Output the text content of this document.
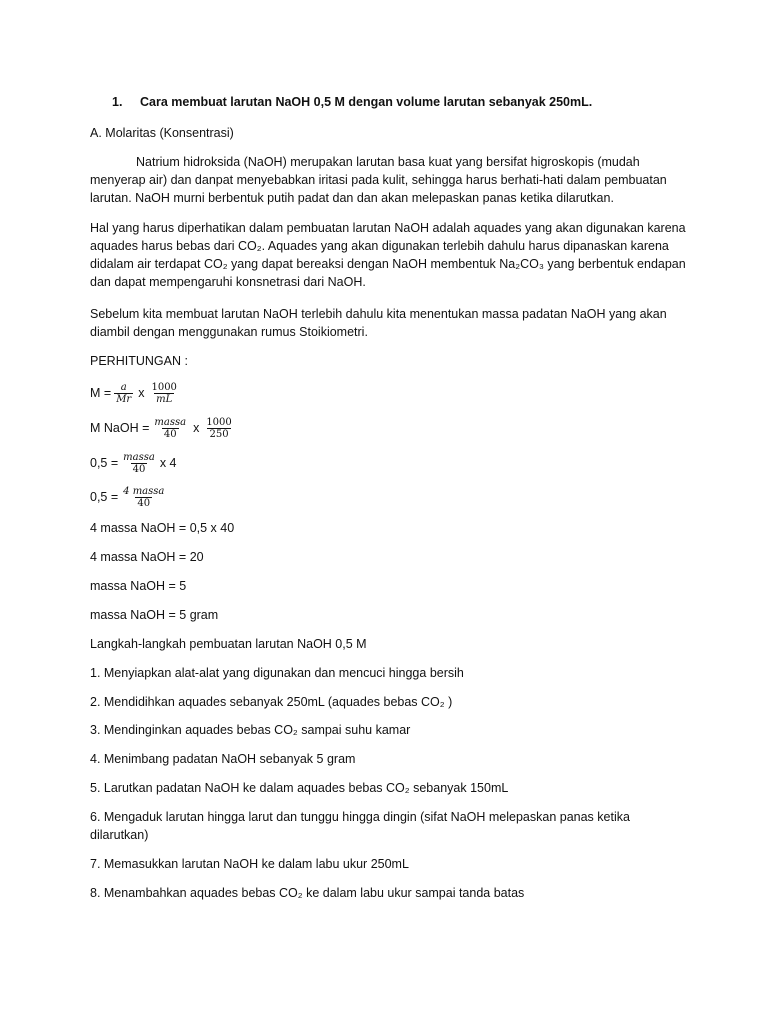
1. Cara membuat larutan NaOH 0,5 M dengan volume larutan sebanyak 250mL.
A. Molaritas (Konsentrasi)
Natrium hidroksida (NaOH) merupakan larutan basa kuat yang bersifat higroskopis (mudah menyerap air) dan danpat menyebabkan iritasi pada kulit, sehingga harus berhati-hati dalam pembuatan larutan. NaOH murni berbentuk putih padat dan dan akan melepaskan panas ketika dilarutkan.
Hal yang harus diperhatikan dalam pembuatan larutan NaOH adalah aquades yang akan digunakan karena aquades harus bebas dari CO₂. Aquades yang akan digunakan terlebih dahulu harus dipanaskan karena didalam air terdapat CO₂ yang dapat bereaksi dengan NaOH membentuk Na₂CO₃ yang berbentuk endapan dan dapat mempengaruhi konsnetrasi dari NaOH.
Sebelum kita membuat larutan NaOH terlebih dahulu kita menentukan massa padatan NaOH yang akan diambil dengan menggunakan rumus Stoikiometri.
PERHITUNGAN :
$M = \frac{a}{Mr}$ x $\frac{1000}{mL}$
M NaOH = $\frac{\text{massa}}{40}$ x $\frac{1000}{250}$
$0,5 = \frac{\text{massa}}{40}$ x 4
$0,5 = \frac{\text{4 massa}}{40}$
4 massa NaOH = 0,5 x 40
4 massa NaOH = 20
massa NaOH = 5
massa NaOH = 5 gram
Langkah-langkah pembuatan larutan NaOH 0,5 M
1. Menyiapkan alat-alat yang digunakan dan mencuci hingga bersih
2. Mendidihkan aquades sebanyak 250mL (aquades bebas CO₂ )
3. Mendinginkan aquades bebas CO₂ sampai suhu kamar
4. Menimbang padatan NaOH sebanyak 5 gram
5. Larutkan padatan NaOH ke dalam aquades bebas CO₂ sebanyak 150mL
6. Mengaduk larutan hingga larut dan tunggu hingga dingin (sifat NaOH melepaskan panas ketika dilarutkan)
7. Memasukkan larutan NaOH ke dalam labu ukur 250mL
8. Menambahkan aquades bebas CO₂ ke dalam labu ukur sampai tanda batas
